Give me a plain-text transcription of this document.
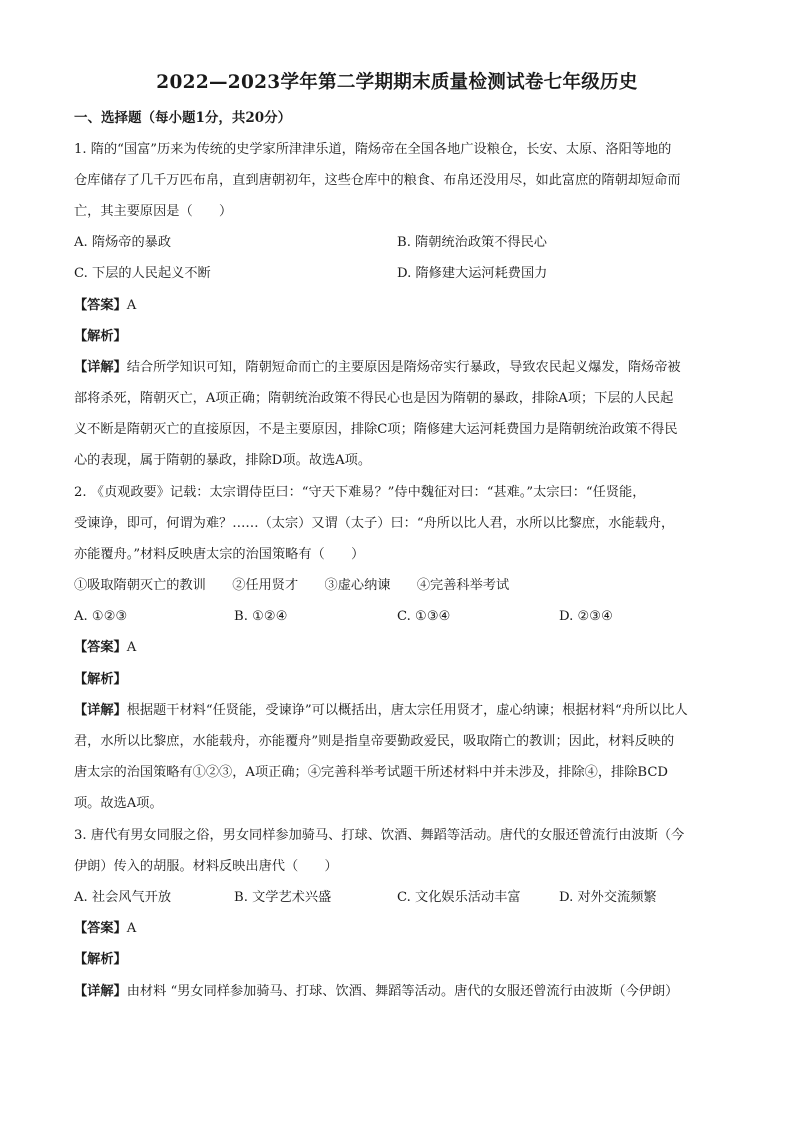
2022—2023学年第二学期期末质量检测试卷七年级历史
一、选择题（每小题1分，共20分）
1. 隋的“国富”历来为传统的史学家所津津乐道，隋炀帝在全国各地广设粮仓，长安、太原、洛阳等地的
仓库储存了几千万匹布帛，直到唐朝初年，这些仓库中的粮食、布帛还没用尽，如此富庶的隋朝却短命而
亡，其主要原因是（　　）
A. 隋炀帝的暴政	B. 隋朝统治政策不得民心
C. 下层的人民起义不断	D. 隋修建大运河耗费国力
【答案】A
【解析】
【详解】结合所学知识可知，隋朝短命而亡的主要原因是隋炀帝实行暴政，导致农民起义爆发，隋炀帝被
部将杀死，隋朝灭亡，A项正确；隋朝统治政策不得民心也是因为隋朝的暴政，排除A项；下层的人民起
义不断是隋朝灭亡的直接原因，不是主要原因，排除C项；隋修建大运河耗费国力是隋朝统治政策不得民
心的表现，属于隋朝的暴政，排除D项。故选A项。
2. 《贞观政要》记载：太宗谓侍臣曰：“守天下难易？”侍中魏征对曰：“甚难。”太宗曰：“任贤能，
受谏诤，即可，何谓为难？……（太宗）又谓（太子）曰：“舟所以比人君，水所以比黎庶，水能载舟，
亦能覆舟。”材料反映唐太宗的治国策略有（　　）
①吸取隋朝灭亡的教训　　②任用贤才　　③虚心纳谏　　④完善科举考试
A. ①②③	B. ①②④	C. ①③④	D. ②③④
【答案】A
【解析】
【详解】根据题干材料“任贤能，受谏诤”可以概括出，唐太宗任用贤才，虚心纳谏；根据材料“舟所以比人
君，水所以比黎庶，水能载舟，亦能覆舟”则是指皇帝要勤政爱民，吸取隋亡的教训；因此，材料反映的
唐太宗的治国策略有①②③，A项正确；④完善科举考试题干所述材料中并未涉及，排除④，排除BCD
项。故选A项。
3. 唐代有男女同服之俗，男女同样参加骑马、打球、饮酒、舞蹈等活动。唐代的女服还曾流行由波斯（今
伊朗）传入的胡服。材料反映出唐代（　　）
A. 社会风气开放	B. 文学艺术兴盛	C. 文化娱乐活动丰富	D. 对外交流频繁
【答案】A
【解析】
【详解】由材料 “男女同样参加骑马、打球、饮酒、舞蹈等活动。唐代的女服还曾流行由波斯（今伊朗）
